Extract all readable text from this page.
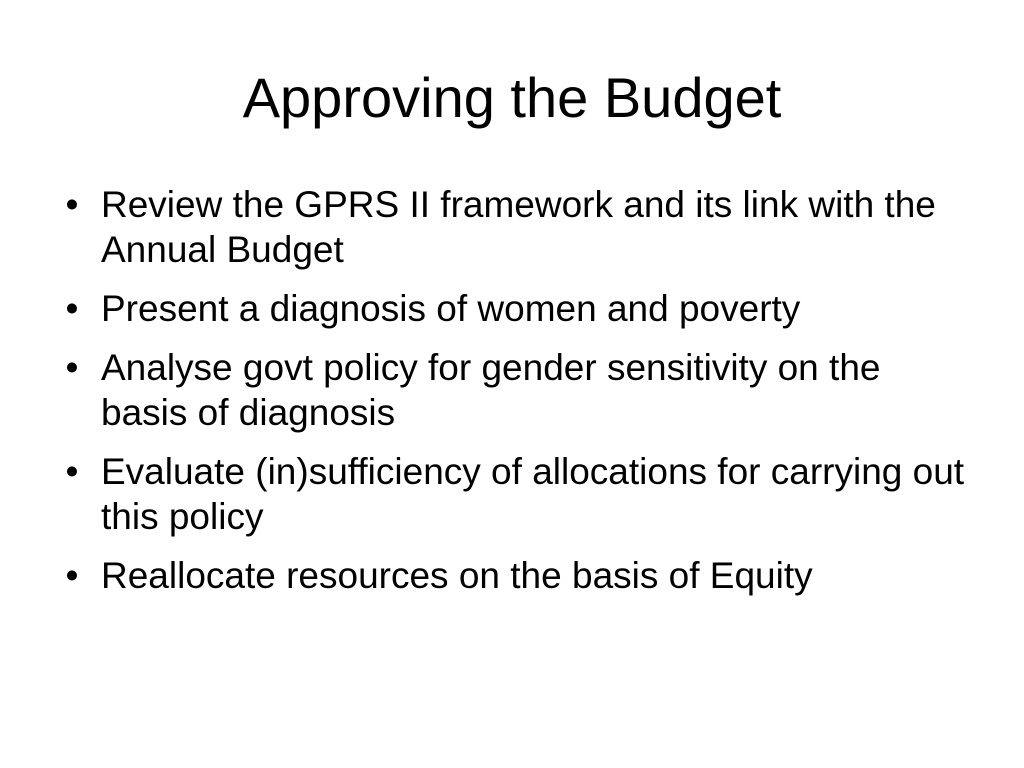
Approving the Budget
• Review the GPRS II framework and its link with the Annual Budget
• Present a diagnosis of women and poverty
• Analyse govt policy for gender sensitivity on the basis of diagnosis
• Evaluate (in)sufficiency of allocations for carrying out this policy
• Reallocate resources on the basis of Equity
